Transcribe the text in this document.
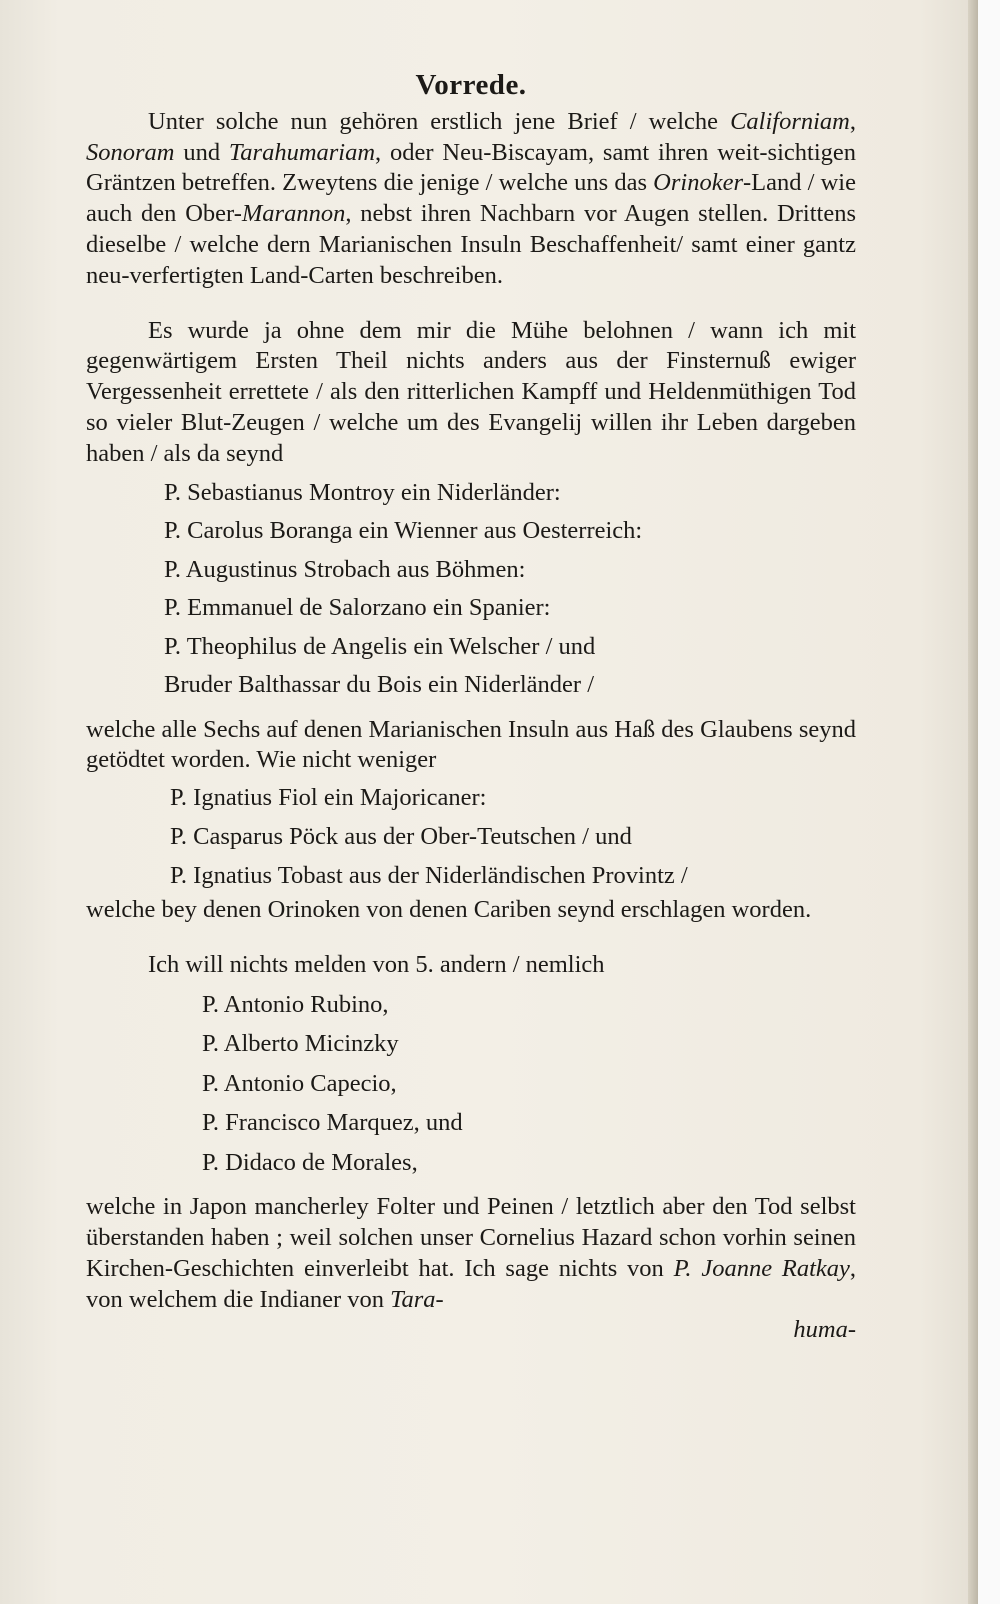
Vorrede.

Unter solche nun gehören erstlich jene Brief / welche Californiam, Sonoram und Tarahumariam, oder Neu-Biscayam, samt ihren weit-sichtigen Gräntzen betreffen. Zweytens die jenige / welche uns das Orinoker-Land / wie auch den Ober-Marannon, nebst ihren Nachbarn vor Augen stellen. Drittens dieselbe / welche dern Marianischen Insuln Beschaffenheit/ samt einer gantz neu-verfertigten Land-Carten beschreiben.

Es wurde ja ohne dem mir die Mühe belohnen / wann ich mit gegenwärtigem Ersten Theil nichts anders aus der Finsternuß ewiger Vergessenheit errettete / als den ritterlichen Kampff und Heldenmüthigen Tod so vieler Blut-Zeugen / welche um des Evangelij willen ihr Leben dargeben haben / als da seynd

P. Sebastianus Montroy ein Niderländer:
P. Carolus Boranga ein Wienner aus Oesterreich:
P. Augustinus Strobach aus Böhmen:
P. Emmanuel de Salorzano ein Spanier:
P. Theophilus de Angelis ein Welscher / und
Bruder Balthassar du Bois ein Niderländer /

welche alle Sechs auf denen Marianischen Insuln aus Haß des Glaubens seynd getödtet worden. Wie nicht weniger

P. Ignatius Fiol ein Majoricaner:
P. Casparus Pöck aus der Ober-Teutschen / und
P. Ignatius Tobast aus der Niderländischen Provintz /

welche bey denen Orinoken von denen Cariben seynd erschlagen worden.

Ich will nichts melden von 5. andern / nemlich

P. Antonio Rubino,
P. Alberto Micinzky
P. Antonio Capecio,
P. Francisco Marquez, und
P. Didaco de Morales,

welche in Japon mancherley Folter und Peinen / letztlich aber den Tod selbst überstanden haben ; weil solchen unser Cornelius Hazard schon vorhin seinen Kirchen-Geschichten einverleibt hat. Ich sage nichts von P. Joanne Ratkay, von welchem die Indianer von Tara-

huma-
